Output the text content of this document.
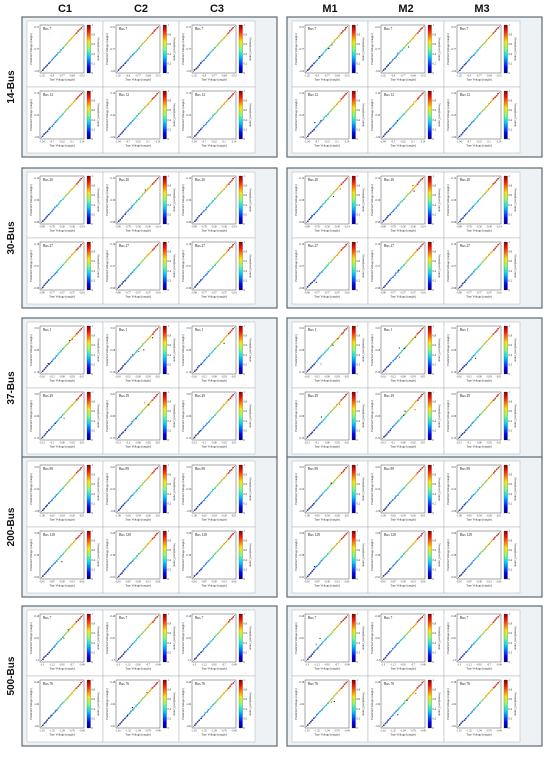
C1	C2	C3	M1	M2	M3
14-Bus
30-Bus
37-Bus
200-Bus
500-Bus
Bus 7
-1.02 -0.9 -0.77 -0.64 -0.51
-1.02
-0.77
-0.51
True Voltage (rangle)
Predicted Voltage (rangle)
1
0.8
0.6
0.4
0.2
0
Normalized Counts
Bus 7
-1.02 -0.9 -0.77 -0.64 -0.51
-1.02
-0.77
-0.51
True Voltage (rangle)
Predicted Voltage (rangle)
1
0.8
0.6
0.4
0.2
0
Normalized Counts
Bus 7
-1.02 -0.9 -0.77 -0.64 -0.51
-1.02
-0.77
-0.51
True Voltage (rangle)
Predicted Voltage (rangle)
1
0.8
0.6
0.4
0.2
0
Normalized Counts
Bus 7
-1.02 -0.9 -0.77 -0.64 -0.51
-1.02
-0.77
-0.51
True Voltage (rangle)
Predicted Voltage (rangle)
1
0.8
0.6
0.4
0.2
0
Normalized Counts
Bus 7
-1.02 -0.9 -0.77 -0.64 -0.51
-1.02
-0.77
-0.51
True Voltage (rangle)
Predicted Voltage (rangle)
1
0.8
0.6
0.4
0.2
0
Normalized Counts
Bus 7
-1.02 -0.9 -0.77 -0.64 -0.51
-1.02
-0.77
-0.51
True Voltage (rangle)
Predicted Voltage (rangle)
1
0.8
0.6
0.4
0.2
0
Normalized Counts
Bus 12
-1.04 -0.7 -0.22 0.1 0.14
-1.04
-0.22
0.14
True Voltage (rangle)
Predicted Voltage (rangle)
1
0.8
0.6
0.4
0.2
0
Normalized Counts
Bus 12
-1.04 -0.7 -0.22 0.1 0.14
-1.04
-0.22
0.14
True Voltage (rangle)
Predicted Voltage (rangle)
1
0.8
0.6
0.4
0.2
0
Normalized Counts
Bus 12
-1.04 -0.7 -0.22 0.1 0.14
-1.04
-0.22
0.14
True Voltage (rangle)
Predicted Voltage (rangle)
1
0.8
0.6
0.4
0.2
0
Normalized Counts
Bus 12
-1.04 -0.7 -0.22 0.1 0.14
-1.04
-0.22
0.14
True Voltage (rangle)
Predicted Voltage (rangle)
1
0.8
0.6
0.4
0.2
0
Normalized Counts
Bus 12
-1.04 -0.7 -0.22 0.1 0.14
-1.04
-0.22
0.14
True Voltage (rangle)
Predicted Voltage (rangle)
1
0.8
0.6
0.4
0.2
0
Normalized Counts
Bus 12
-1.04 -0.7 -0.22 0.1 0.14
-1.04
-0.22
0.14
True Voltage (rangle)
Predicted Voltage (rangle)
1
0.8
0.6
0.4
0.2
0
Normalized Counts
Bus 20
-0.98 -0.78 -0.56 -0.36 -0.14
-0.98
-0.56
-0.14
True Voltage (rangle)
Predicted Voltage (rangle)
1
0.8
0.6
0.4
0.2
0
Normalized Counts
Bus 20
-0.98 -0.78 -0.56 -0.36 -0.14
-0.98
-0.56
-0.14
True Voltage (rangle)
Predicted Voltage (rangle)
1
0.8
0.6
0.4
0.2
0
Normalized Counts
Bus 20
-0.98 -0.78 -0.56 -0.36 -0.14
-0.98
-0.56
-0.14
True Voltage (rangle)
Predicted Voltage (rangle)
1
0.8
0.6
0.4
0.2
0
Normalized Counts
Bus 20
-0.98 -0.78 -0.56 -0.36 -0.14
-0.98
-0.56
-0.14
True Voltage (rangle)
Predicted Voltage (rangle)
1
0.8
0.6
0.4
0.2
0
Normalized Counts
Bus 20
-0.98 -0.78 -0.56 -0.36 -0.14
-0.98
-0.56
-0.14
True Voltage (rangle)
Predicted Voltage (rangle)
1
0.8
0.6
0.4
0.2
0
Normalized Counts
Bus 20
-0.98 -0.78 -0.56 -0.36 -0.14
-0.98
-0.56
-0.14
True Voltage (rangle)
Predicted Voltage (rangle)
1
0.8
0.6
0.4
0.2
0
Normalized Counts
Bus 27
-0.98 -0.77 -0.57 -0.37 -0.16
-0.98
-0.57
-0.16
True Voltage (rangle)
Predicted Voltage (rangle)
1
0.8
0.6
0.4
0.2
0
Normalized Counts
Bus 27
-0.98 -0.77 -0.57 -0.37 -0.16
-0.98
-0.57
-0.16
True Voltage (rangle)
Predicted Voltage (rangle)
1
0.8
0.6
0.4
0.2
0
Normalized Counts
Bus 27
-0.98 -0.77 -0.57 -0.37 -0.16
-0.98
-0.57
-0.16
True Voltage (rangle)
Predicted Voltage (rangle)
1
0.8
0.6
0.4
0.2
0
Normalized Counts
Bus 27
-0.98 -0.77 -0.57 -0.37 -0.16
-0.98
-0.57
-0.16
True Voltage (rangle)
Predicted Voltage (rangle)
1
0.8
0.6
0.4
0.2
0
Normalized Counts
Bus 27
-0.98 -0.77 -0.57 -0.37 -0.16
-0.98
-0.57
-0.16
True Voltage (rangle)
Predicted Voltage (rangle)
1
0.8
0.6
0.4
0.2
0
Normalized Counts
Bus 27
-0.98 -0.77 -0.57 -0.37 -0.16
-0.98
-0.57
-0.16
True Voltage (rangle)
Predicted Voltage (rangle)
1
0.8
0.6
0.4
0.2
0
Normalized Counts
Bus 1
-0.16 -0.12 -0.08 -0.03 0.01
-0.16
-0.08
0.01
True Voltage (rangle)
Predicted Voltage (rangle)
1
0.8
0.6
0.4
0.2
0
Normalized Counts
Bus 1
-0.16 -0.12 -0.08 -0.03 0.01
-0.16
-0.08
0.01
True Voltage (rangle)
Predicted Voltage (rangle)
1
0.8
0.6
0.4
0.2
0
Normalized Counts
Bus 1
-0.16 -0.12 -0.08 -0.03 0.01
-0.16
-0.08
0.01
True Voltage (rangle)
Predicted Voltage (rangle)
1
0.8
0.6
0.4
0.2
0
Normalized Counts
Bus 1
-0.16 -0.12 -0.08 -0.03 0.01
-0.16
-0.08
0.01
True Voltage (rangle)
Predicted Voltage (rangle)
1
0.8
0.6
0.4
0.2
0
Normalized Counts
Bus 1
-0.16 -0.12 -0.08 -0.03 0.01
-0.16
-0.08
0.01
True Voltage (rangle)
Predicted Voltage (rangle)
1
0.8
0.6
0.4
0.2
0
Normalized Counts
Bus 1
-0.16 -0.12 -0.08 -0.03 0.01
-0.16
-0.08
0.01
True Voltage (rangle)
Predicted Voltage (rangle)
1
0.8
0.6
0.4
0.2
0
Normalized Counts
Bus 29
-0.13 -0.1 -0.06 -0.02 0.01
-0.13
-0.06
0.01
True Voltage (rangle)
Predicted Voltage (rangle)
1
0.8
0.6
0.4
0.2
0
Normalized Counts
Bus 29
-0.13 -0.1 -0.06 -0.02 0.01
-0.13
-0.06
0.01
True Voltage (rangle)
Predicted Voltage (rangle)
1
0.8
0.6
0.4
0.2
0
Normalized Counts
Bus 29
-0.13 -0.1 -0.06 -0.02 0.01
-0.13
-0.06
0.01
True Voltage (rangle)
Predicted Voltage (rangle)
1
0.8
0.6
0.4
0.2
0
Normalized Counts
Bus 29
-0.13 -0.1 -0.06 -0.02 0.01
-0.13
-0.06
0.01
True Voltage (rangle)
Predicted Voltage (rangle)
1
0.8
0.6
0.4
0.2
0
Normalized Counts
Bus 29
-0.13 -0.1 -0.06 -0.02 0.01
-0.13
-0.06
0.01
True Voltage (rangle)
Predicted Voltage (rangle)
1
0.8
0.6
0.4
0.2
0
Normalized Counts
Bus 29
-0.13 -0.1 -0.06 -0.02 0.01
-0.13
-0.06
0.01
True Voltage (rangle)
Predicted Voltage (rangle)
1
0.8
0.6
0.4
0.2
0
Normalized Counts
Bus 89
-1.08 -0.81 -0.54 -0.26 0.01
-1.08
-0.54
0.01
True Voltage (rangle)
Predicted Voltage (rangle)
1
0.8
0.6
0.4
0.2
0
Normalized Counts
Bus 89
-1.08 -0.81 -0.54 -0.26 0.01
-1.08
-0.54
0.01
True Voltage (rangle)
Predicted Voltage (rangle)
1
0.8
0.6
0.4
0.2
0
Normalized Counts
Bus 89
-1.08 -0.81 -0.54 -0.26 0.01
-1.08
-0.54
0.01
True Voltage (rangle)
Predicted Voltage (rangle)
1
0.8
0.6
0.4
0.2
0
Normalized Counts
Bus 89
-1.08 -0.81 -0.54 -0.26 0.01
-1.08
-0.54
0.01
True Voltage (rangle)
Predicted Voltage (rangle)
1
0.8
0.6
0.4
0.2
0
Normalized Counts
Bus 89
-1.08 -0.81 -0.54 -0.26 0.01
-1.08
-0.54
0.01
True Voltage (rangle)
Predicted Voltage (rangle)
1
0.8
0.6
0.4
0.2
0
Normalized Counts
Bus 89
-1.08 -0.81 -0.54 -0.26 0.01
-1.08
-0.54
0.01
True Voltage (rangle)
Predicted Voltage (rangle)
1
0.8
0.6
0.4
0.2
0
Normalized Counts
Bus 128
-0.91 -0.67 -0.39 -0.13 0.06
-0.91
-0.39
0.06
True Voltage (rangle)
Predicted Voltage (rangle)
1
0.8
0.6
0.4
0.2
0
Normalized Counts
Bus 128
-0.91 -0.67 -0.39 -0.13 0.06
-0.91
-0.39
0.06
True Voltage (rangle)
Predicted Voltage (rangle)
1
0.8
0.6
0.4
0.2
0
Normalized Counts
Bus 128
-0.91 -0.67 -0.39 -0.13 0.06
-0.91
-0.39
0.06
True Voltage (rangle)
Predicted Voltage (rangle)
1
0.8
0.6
0.4
0.2
0
Normalized Counts
Bus 128
-0.91 -0.67 -0.39 -0.13 0.06
-0.91
-0.39
0.06
True Voltage (rangle)
Predicted Voltage (rangle)
1
0.8
0.6
0.4
0.2
0
Normalized Counts
Bus 128
-0.91 -0.67 -0.39 -0.13 0.06
-0.91
-0.39
0.06
True Voltage (rangle)
Predicted Voltage (rangle)
1
0.8
0.6
0.4
0.2
0
Normalized Counts
Bus 128
-0.91 -0.67 -0.39 -0.13 0.06
-0.91
-0.39
0.06
True Voltage (rangle)
Predicted Voltage (rangle)
1
0.8
0.6
0.4
0.2
0
Normalized Counts
Bus 7
-1.3 -1.12 -0.91 -0.7 -0.49
-1.3
-0.91
-0.49
True Voltage (rangle)
Predicted Voltage (rangle)
1
0.8
0.6
0.4
0.2
0
Normalized Counts
Bus 7
-1.3 -1.12 -0.91 -0.7 -0.49
-1.3
-0.91
-0.49
True Voltage (rangle)
Predicted Voltage (rangle)
1
0.8
0.6
0.4
0.2
0
Normalized Counts
Bus 7
-1.3 -1.12 -0.91 -0.7 -0.49
-1.3
-0.91
-0.49
True Voltage (rangle)
Predicted Voltage (rangle)
1
0.8
0.6
0.4
0.2
0
Normalized Counts
Bus 7
-1.3 -1.12 -0.91 -0.7 -0.49
-1.3
-0.91
-0.49
True Voltage (rangle)
Predicted Voltage (rangle)
1
0.8
0.6
0.4
0.2
0
Normalized Counts
Bus 7
-1.3 -1.12 -0.91 -0.7 -0.49
-1.3
-0.91
-0.49
True Voltage (rangle)
Predicted Voltage (rangle)
1
0.8
0.6
0.4
0.2
0
Normalized Counts
Bus 7
-1.3 -1.12 -0.91 -0.7 -0.49
-1.3
-0.91
-0.49
True Voltage (rangle)
Predicted Voltage (rangle)
1
0.8
0.6
0.4
0.2
0
Normalized Counts
Bus 76
-1.61 -1.32 -1.04 -0.76 -0.48
-1.61
-1.04
-0.48
True Voltage (rangle)
Predicted Voltage (rangle)
1
0.8
0.6
0.4
0.2
0
Normalized Counts
Bus 76
-1.61 -1.32 -1.04 -0.76 -0.48
-1.61
-1.04
-0.48
True Voltage (rangle)
Predicted Voltage (rangle)
1
0.8
0.6
0.4
0.2
0
Normalized Counts
Bus 76
-1.61 -1.32 -1.04 -0.76 -0.48
-1.61
-1.04
-0.48
True Voltage (rangle)
Predicted Voltage (rangle)
1
0.8
0.6
0.4
0.2
0
Normalized Counts
Bus 76
-1.61 -1.32 -1.04 -0.76 -0.48
-1.61
-1.04
-0.48
True Voltage (rangle)
Predicted Voltage (rangle)
1
0.8
0.6
0.4
0.2
0
Normalized Counts
Bus 76
-1.61 -1.32 -1.04 -0.76 -0.48
-1.61
-1.04
-0.48
True Voltage (rangle)
Predicted Voltage (rangle)
1
0.8
0.6
0.4
0.2
0
Normalized Counts
Bus 76
-1.61 -1.32 -1.04 -0.76 -0.48
-1.61
-1.04
-0.48
True Voltage (rangle)
Predicted Voltage (rangle)
1
0.8
0.6
0.4
0.2
0
Normalized Counts
